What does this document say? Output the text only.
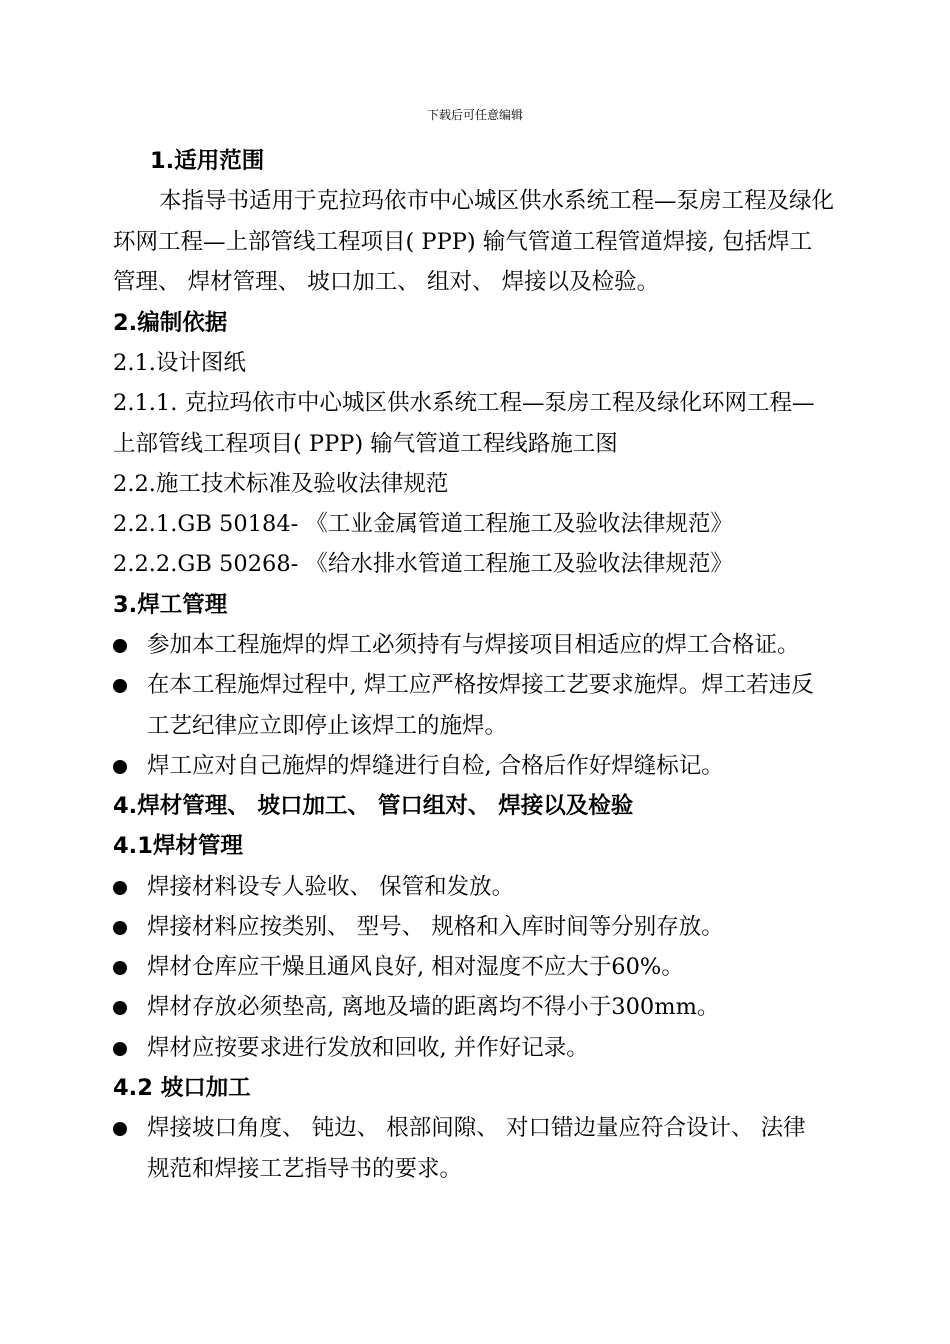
下载后可任意编辑
1.适用范围
本指导书适用于克拉玛依市中心城区供水系统工程—泵房工程及绿化
环网工程—上部管线工程项目( PPP) 输气管道工程管道焊接, 包括焊工
管理、 焊材管理、 坡口加工、 组对、 焊接以及检验。
2.编制依据
2.1.设计图纸
2.1.1. 克拉玛依市中心城区供水系统工程—泵房工程及绿化环网工程—
上部管线工程项目( PPP) 输气管道工程线路施工图
2.2.施工技术标准及验收法律规范
2.2.1.GB 50184- 《工业金属管道工程施工及验收法律规范》
2.2.2.GB 50268- 《给水排水管道工程施工及验收法律规范》
3.焊工管理
参加本工程施焊的焊工必须持有与焊接项目相适应的焊工合格证。
在本工程施焊过程中, 焊工应严格按焊接工艺要求施焊。焊工若违反
工艺纪律应立即停止该焊工的施焊。
焊工应对自己施焊的焊缝进行自检, 合格后作好焊缝标记。
4.焊材管理、 坡口加工、 管口组对、 焊接以及检验
4.1焊材管理
焊接材料设专人验收、 保管和发放。
焊接材料应按类别、 型号、 规格和入库时间等分别存放。
焊材仓库应干燥且通风良好, 相对湿度不应大于60%。
焊材存放必须垫高, 离地及墙的距离均不得小于300mm。
焊材应按要求进行发放和回收, 并作好记录。
4.2 坡口加工
焊接坡口角度、 钝边、 根部间隙、 对口错边量应符合设计、 法律
规范和焊接工艺指导书的要求。
